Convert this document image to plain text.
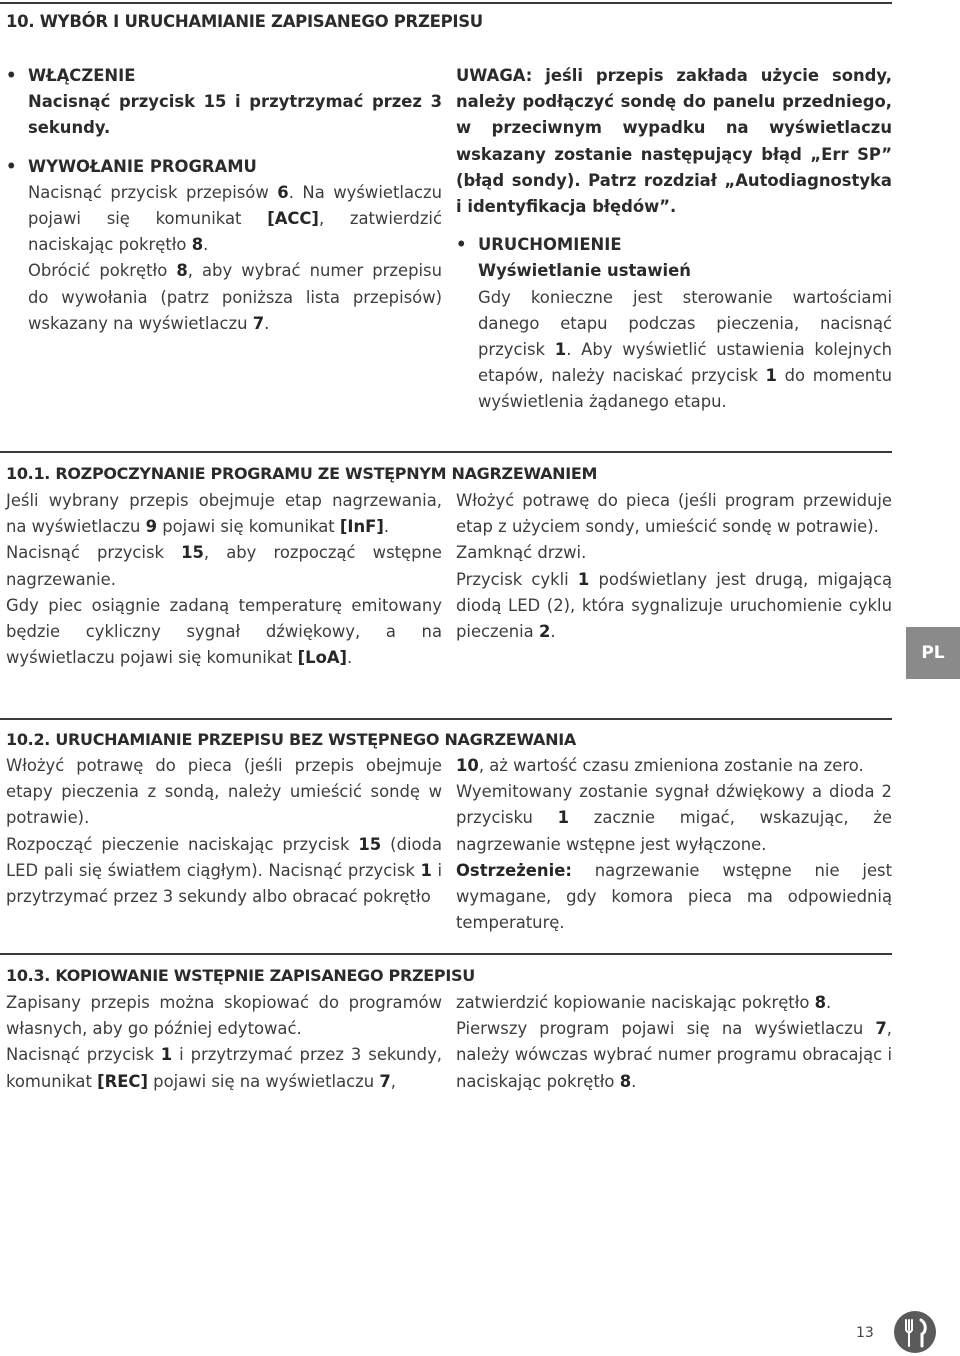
10. WYBÓR I URUCHAMIANIE ZAPISANEGO PRZEPISU

• WŁĄCZENIE

Nacisnąć przycisk 15 i przytrzymać przez 3 sekundy.

• WYWOŁANIE PROGRAMU

Nacisnąć przycisk przepisów 6. Na wyświetlaczu pojawi się komunikat [ACC], zatwierdzić naciskając pokrętło 8.

Obrócić pokrętło 8, aby wybrać numer przepisu do wywołania (patrz poniższa lista przepisów) wskazany na wyświetlaczu 7.

UWAGA: jeśli przepis zakłada użycie sondy, należy podłączyć sondę do panelu przedniego, w przeciwnym wypadku na wyświetlaczu wskazany zostanie następujący błąd „Err SP” (błąd sondy). Patrz rozdział „Autodiagnostyka i identyfikacja błędów”.

• URUCHOMIENIE

Wyświetlanie ustawień

Gdy konieczne jest sterowanie wartościami danego etapu podczas pieczenia, nacisnąć przycisk 1. Aby wyświetlić ustawienia kolejnych etapów, należy naciskać przycisk 1 do momentu wyświetlenia żądanego etapu.

10.1. ROZPOCZYNANIE PROGRAMU ZE WSTĘPNYM NAGRZEWANIEM

Jeśli wybrany przepis obejmuje etap nagrzewania, na wyświetlaczu 9 pojawi się komunikat [InF].

Nacisnąć przycisk 15, aby rozpocząć wstępne nagrzewanie.

Gdy piec osiągnie zadaną temperaturę emitowany będzie cykliczny sygnał dźwiękowy, a na wyświetlaczu pojawi się komunikat [LoA].

Włożyć potrawę do pieca (jeśli program przewiduje etap z użyciem sondy, umieścić sondę w potrawie).

Zamknąć drzwi.

Przycisk cykli 1 podświetlany jest drugą, migającą diodą LED (2), która sygnalizuje uruchomienie cyklu pieczenia 2.

PL
10.2. URUCHAMIANIE PRZEPISU BEZ WSTĘPNEGO NAGRZEWANIA

Włożyć potrawę do pieca (jeśli przepis obejmuje etapy pieczenia z sondą, należy umieścić sondę w potrawie).

Rozpocząć pieczenie naciskając przycisk 15 (dioda LED pali się światłem ciągłym). Nacisnąć przycisk 1 i przytrzymać przez 3 sekundy albo obracać pokrętło

10, aż wartość czasu zmieniona zostanie na zero.

Wyemitowany zostanie sygnał dźwiękowy a dioda 2 przycisku 1 zacznie migać, wskazując, że nagrzewanie wstępne jest wyłączone.

Ostrzeżenie: nagrzewanie wstępne nie jest wymagane, gdy komora pieca ma odpowiednią temperaturę.

10.3. KOPIOWANIE WSTĘPNIE ZAPISANEGO PRZEPISU

Zapisany przepis można skopiować do programów własnych, aby go później edytować.

Nacisnąć przycisk 1 i przytrzymać przez 3 sekundy, komunikat [REC] pojawi się na wyświetlaczu 7,

zatwierdzić kopiowanie naciskając pokrętło 8.

Pierwszy program pojawi się na wyświetlaczu 7, należy wówczas wybrać numer programu obracając i naciskając pokrętło 8.

13
